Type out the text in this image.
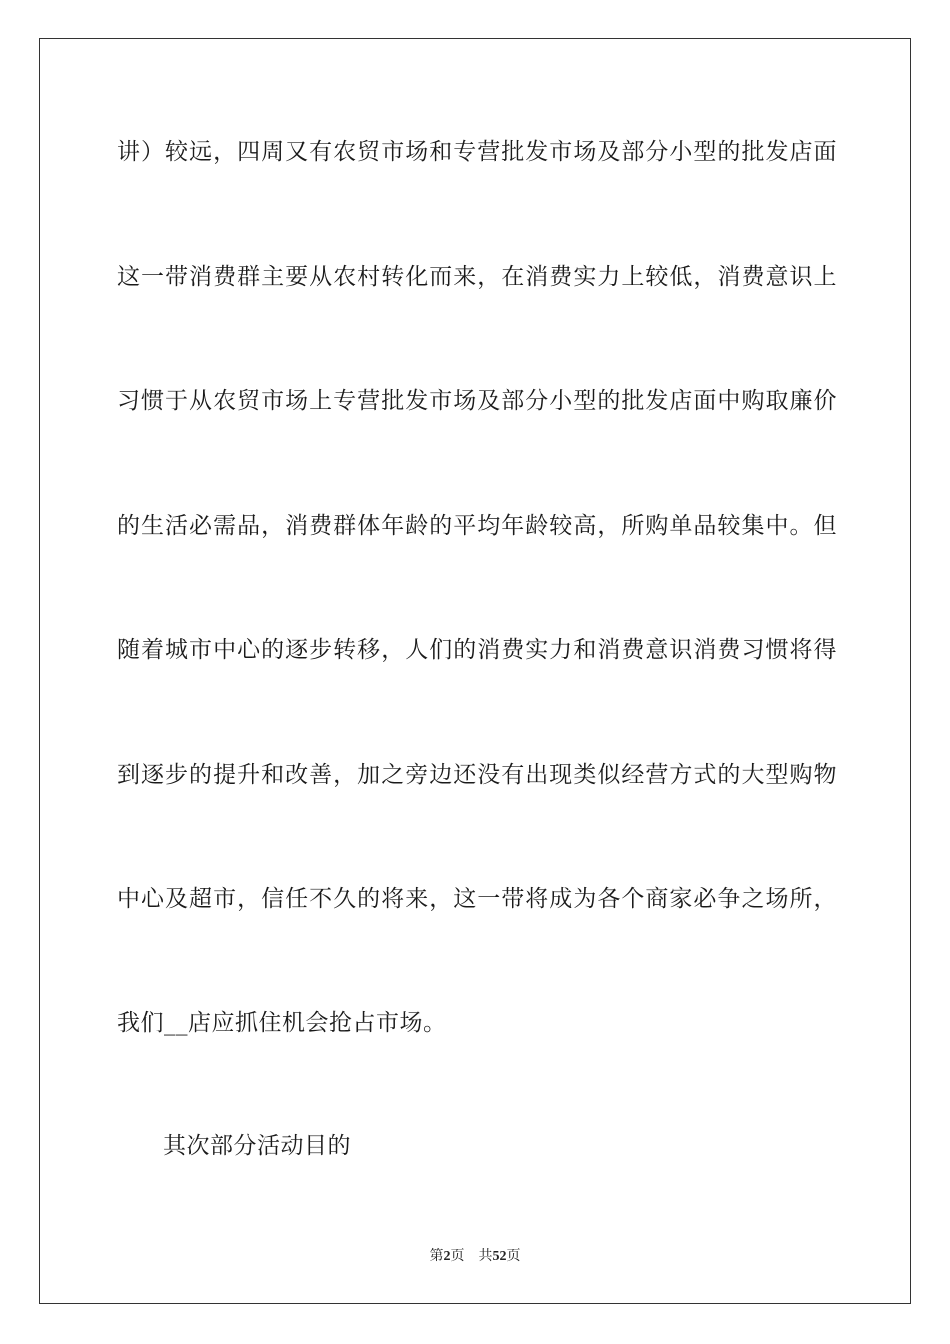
讲）较远，四周又有农贸市场和专营批发市场及部分小型的批发店面
这一带消费群主要从农村转化而来，在消费实力上较低，消费意识上
习惯于从农贸市场上专营批发市场及部分小型的批发店面中购取廉价
的生活必需品，消费群体年龄的平均年龄较高，所购单品较集中。但
随着城市中心的逐步转移，人们的消费实力和消费意识消费习惯将得
到逐步的提升和改善，加之旁边还没有出现类似经营方式的大型购物
中心及超市，信任不久的将来，这一带将成为各个商家必争之场所，
我们__店应抓住机会抢占市场。
其次部分活动目的
第2页 共52页
